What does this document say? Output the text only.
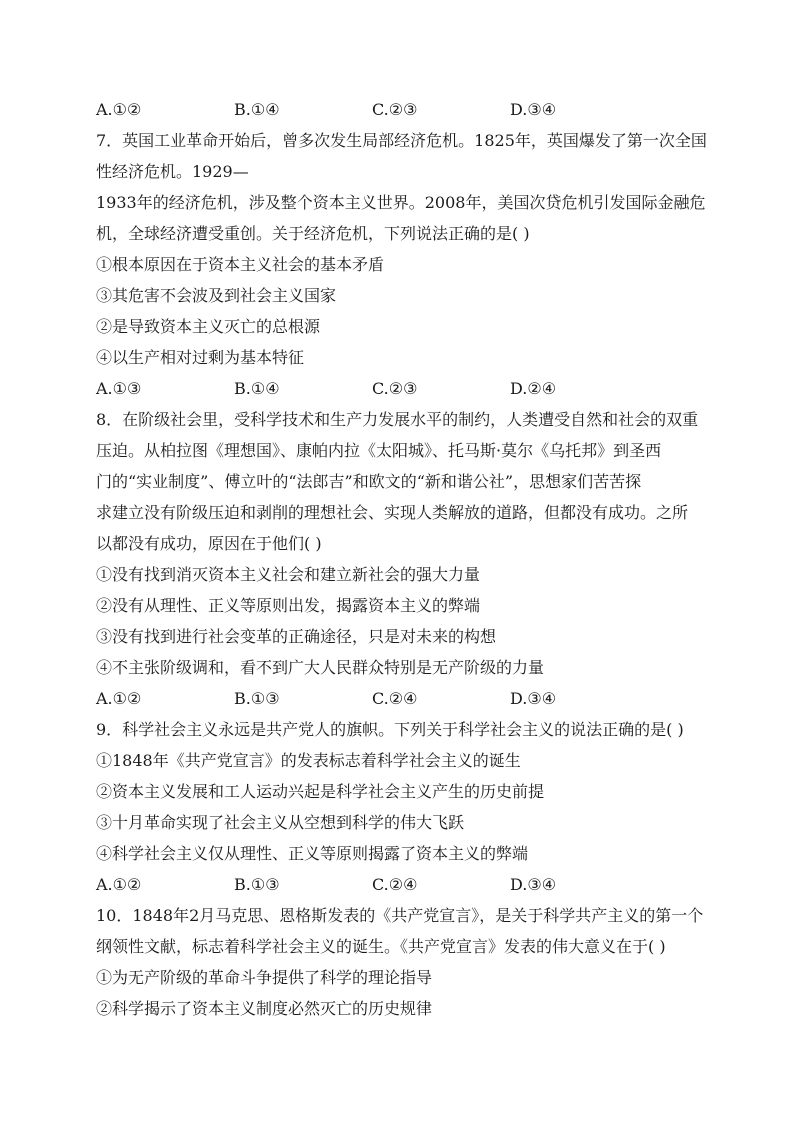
A.①②	B.①④	C.②③	D.③④
7．英国工业革命开始后，曾多次发生局部经济危机。1825年，英国爆发了第一次全国
性经济危机。1929—
1933年的经济危机，涉及整个资本主义世界。2008年，美国次贷危机引发国际金融危
机，全球经济遭受重创。关于经济危机，下列说法正确的是( )
①根本原因在于资本主义社会的基本矛盾
③其危害不会波及到社会主义国家
②是导致资本主义灭亡的总根源
④以生产相对过剩为基本特征
A.①③	B.①④	C.②③	D.②④
8．在阶级社会里，受科学技术和生产力发展水平的制约，人类遭受自然和社会的双重
压迫。从柏拉图《理想国》、康帕内拉《太阳城》、托马斯·莫尔《乌托邦》到圣西
门的“实业制度”、傅立叶的“法郎吉”和欧文的“新和谐公社”，思想家们苦苦探
求建立没有阶级压迫和剥削的理想社会、实现人类解放的道路，但都没有成功。之所
以都没有成功，原因在于他们( )
①没有找到消灭资本主义社会和建立新社会的强大力量
②没有从理性、正义等原则出发，揭露资本主义的弊端
③没有找到进行社会变革的正确途径，只是对未来的构想
④不主张阶级调和，看不到广大人民群众特别是无产阶级的力量
A.①②	B.①③	C.②④	D.③④
9．科学社会主义永远是共产党人的旗帜。下列关于科学社会主义的说法正确的是( )
①1848年《共产党宣言》的发表标志着科学社会主义的诞生
②资本主义发展和工人运动兴起是科学社会主义产生的历史前提
③十月革命实现了社会主义从空想到科学的伟大飞跃
④科学社会主义仅从理性、正义等原则揭露了资本主义的弊端
A.①②	B.①③	C.②④	D.③④
10．1848年2月马克思、恩格斯发表的《共产党宣言》，是关于科学共产主义的第一个
纲领性文献，标志着科学社会主义的诞生。《共产党宣言》发表的伟大意义在于( )
①为无产阶级的革命斗争提供了科学的理论指导
②科学揭示了资本主义制度必然灭亡的历史规律
